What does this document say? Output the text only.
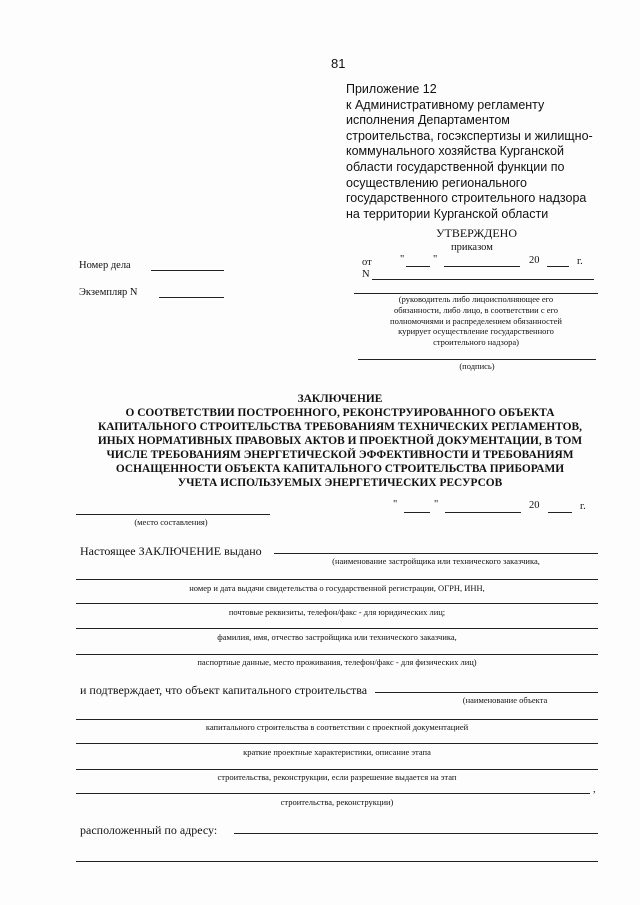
81
Приложение 12
к Административному регламенту
исполнения Департаментом
строительства, госэкспертизы и жилищно-
коммунального хозяйства Курганской
области государственной функции по
осуществлению регионального
государственного строительного надзора
на территории Курганской области
УТВЕРЖДЕНО
приказом
от	"	"	20	г.
N
(руководитель либо лицоисполняющее его
обязанности, либо лицо, в соответствии с его
полномочиями и распределением обязанностей
курирует осуществление государственного
строительного надзора)
(подпись)
Номер дела
Экземпляр N
ЗАКЛЮЧЕНИЕ
О СООТВЕТСТВИИ ПОСТРОЕННОГО, РЕКОНСТРУИРОВАННОГО ОБЪЕКТА
КАПИТАЛЬНОГО СТРОИТЕЛЬСТВА ТРЕБОВАНИЯМ ТЕХНИЧЕСКИХ РЕГЛАМЕНТОВ,
ИНЫХ НОРМАТИВНЫХ ПРАВОВЫХ АКТОВ И ПРОЕКТНОЙ ДОКУМЕНТАЦИИ, В ТОМ
ЧИСЛЕ ТРЕБОВАНИЯМ ЭНЕРГЕТИЧЕСКОЙ ЭФФЕКТИВНОСТИ И ТРЕБОВАНИЯМ
ОСНАЩЕННОСТИ ОБЪЕКТА КАПИТАЛЬНОГО СТРОИТЕЛЬСТВА ПРИБОРАМИ
УЧЕТА ИСПОЛЬЗУЕМЫХ ЭНЕРГЕТИЧЕСКИХ РЕСУРСОВ
"	"	20	г.
(место составления)
Настоящее ЗАКЛЮЧЕНИЕ выдано
(наименование застройщика или технического заказчика,
номер и дата выдачи свидетельства о государственной регистрации, ОГРН, ИНН,
почтовые реквизиты, телефон/факс - для юридических лиц;
фамилия, имя, отчество застройщика или технического заказчика,
паспортные данные, место проживания, телефон/факс - для физических лиц)
и подтверждает, что объект капитального строительства
(наименование объекта
капитального строительства в соответствии с проектной документацией
краткие проектные характеристики, описание этапа
строительства, реконструкции, если разрешение выдается на этап
,
строительства, реконструкции)
расположенный по адресу:
